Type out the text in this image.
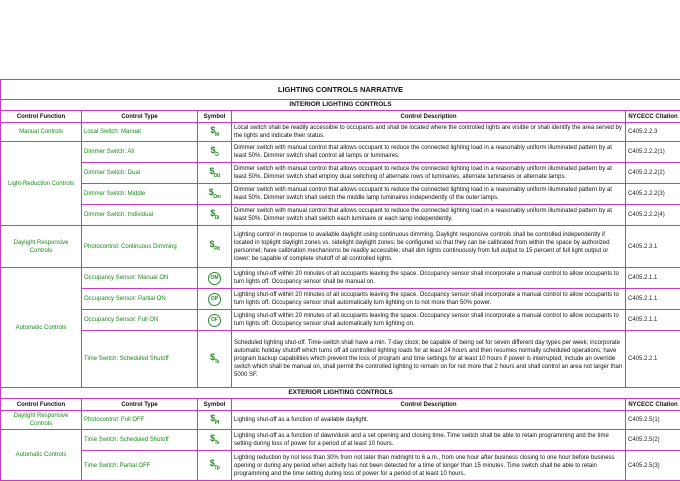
LIGHTING CONTROLS NARRATIVE				
INTERIOR LIGHTING CONTROLS				
Control Function	Control Type	Symbol	Control Description	NYCECC Citation
Manual Controls	Local Switch: Manual	$\$_M$	Local switch shall be readily accessible to occupants and shall be located where the controlled lights are visible or shall identify the area served by the lights and indicate their status.	C405.2.2.3
Light-Reduction Controls	Dimmer Switch: All	$\$_D$	Dimmer switch with manual control that allows occupant to reduce the connected lighting load in a reasonably uniform illuminated pattern by at least 50%. Dimmer switch shall control all lamps or luminaires.	C405.2.2.2(1)
	Dimmer Switch: Dual	$\$_{Dd}$	Dimmer switch with manual control that allows occupant to reduce the connected lighting load in a reasonably uniform illuminated pattern by at least 50%. Dimmer switch shall employ dual switching of alternate rows of luminaires, alternate luminaires or alternate lamps.	C405.2.2.2(2)
	Dimmer Switch: Middle	$\$_{Dm}$	Dimmer switch with manual control that allows occupant to reduce the connected lighting load in a reasonably uniform illuminated pattern by at least 50%. Dimmer switch shall switch the middle lamp luminaires independently of the outer lamps.	C405.2.2.2(3)
	Dimmer Switch: Individual	$\$_{Di}$	Dimmer switch with manual control that allows occupant to reduce the connected lighting load in a reasonably uniform illuminated pattern by at least 50%. Dimmer switch shall switch each luminaire or each lamp independently.	C405.2.2.2(4)
Daylight Responsive Controls	Photocontrol: Continuous Dimming	$\$_{Pd}$	Lighting control in response to available daylight using continuous dimming. Daylight responsive controls shall be controlled independently if located in toplight daylight zones vs. sidelight daylight zones; be configured so that they can be calibrated from within the space by authorized personnel; have calibration mechanisms be readily accessible; shall dim lights continuously from full output to 15 percent of full light output or lower; be capable of complete shutoff of all controlled lights.	C405.2.3.1
Automatic Controls	Occupancy Sensor: Manual ON	OM	Lighting shut-off within 20 minutes of all occupants leaving the space. Occupancy sensor shall incorporate a manual control to allow occupants to turn lights off. Occupancy sensor shall be manual on.	C405.2.1.1
	Occupancy Sensor: Partial ON	OP	Lighting shut-off within 20 minutes of all occupants leaving the space. Occupancy sensor shall incorporate a manual control to allow occupants to turn lights off. Occupancy sensor shall automatically turn lighting on to not more than 50% power.	C405.2.1.1
	Occupancy Sensor: Full ON	OF	Lighting shut-off within 20 minutes of all occupants leaving the space. Occupancy sensor shall incorporate a manual control to allow occupants to turn lights off. Occupancy sensor shall automatically turn lighting on.	C405.2.1.1
	Time Switch: Scheduled Shutoff	$\$_{Ts}$	Scheduled lighting shut-off. Time-switch shall have a min. 7-day clock; be capable of being set for seven different day types per week; incorporate automatic holiday shutoff which turns off all controlled lighting loads for at least 24 hours and then resumes normally scheduled operations; have program backup capabilities which prevent the loss of program and time settings for at least 10 hours if power is interrupted; include an override switch which shall be manual on, shall permit the controlled lighting to remain on for not more that 2 hours and shall control an area not larger than 5000 SF.	C405.2.2.1
EXTERIOR LIGHTING CONTROLS				
Control Function	Control Type	Symbol	Control Description	NYCECC Citation
Daylight Responsive Controls	Photocontrol: Full OFF	$\$_{Pf}$	Lighting shut-off as a function of available daylight.	C405.2.5(1)
Automatic Controls	Time Switch: Scheduled Shutoff	$\$_{Ts}$	Lighting shut-off as a function of dawn/dusk and a set opening and closing time. Time switch shall be able to retain programming and the time setting during loss of power for a period of at least 10 hours.	C405.2.5(2)
	Time Switch: Partial OFF	$\$_{Tp}$	Lighting reduction by not less than 30% from not later than midnight to 6 a.m., from one hour after business closing to one hour before business opening or during any period when activity has not been detected for a time of longer than 15 minutes. Time switch shall be able to retain programming and the time setting during loss of power for a period of at least 10 hours.	C405.2.5(3)
